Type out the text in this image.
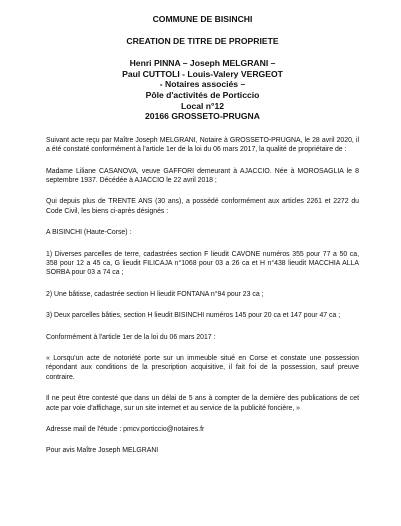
COMMUNE DE BISINCHI
CREATION DE TITRE DE PROPRIETE
Henri PINNA – Joseph MELGRANI –
Paul CUTTOLI - Louis-Valery VERGEOT
- Notaires associés –
Pôle d'activités de Porticcio
Local n°12
20166 GROSSETO-PRUGNA

Suivant acte reçu par Maître Joseph MELGRANI, Notaire à GROSSETO-PRUGNA, le 28 avril 2020, il a été constaté conformément à l'article 1er de la loi du 06 mars 2017, la qualité de propriétaire de :

Madame Liliane CASANOVA, veuve GAFFORI demeurant à AJACCIO. Née à MOROSAGLIA le 8 septembre 1937. Décédée à AJACCIO le 22 avril 2018 ;

Qui depuis plus de TRENTE ANS (30 ans), a possédé conformément aux articles 2261 et 2272 du Code Civil, les biens ci-après désignés :

A BISINCHI (Haute-Corse) :

1) Diverses parcelles de terre, cadastrées section F lieudit CAVONE numéros 355 pour 77 a 50 ca, 358 pour 12 a 45 ca, G lieudit FILICAJA n°1068 pour 03 a 26 ca et H n°438 lieudit MACCHIA ALLA SORBA pour 03 a 74 ca ;

2) Une bâtisse, cadastrée section H lieudit FONTANA n°94 pour 23 ca ;

3) Deux parcelles bâties, section H lieudit BISINCHI numéros 145 pour 20 ca et 147 pour 47 ca ;

Conformément à l'article 1er de la loi du 06 mars 2017 :

« Lorsqu'un acte de notoriété porte sur un immeuble situé en Corse et constate une possession répondant aux conditions de la prescription acquisitive, il fait foi de la possession, sauf preuve contraire.

Il ne peut être contesté que dans un délai de 5 ans à compter de la dernière des publications de cet acte par voie d'affichage, sur un site internet et au service de la publicité foncière, »

Adresse mail de l'étude : pmcv.porticcio@notaires.fr

Pour avis Maître Joseph MELGRANI
